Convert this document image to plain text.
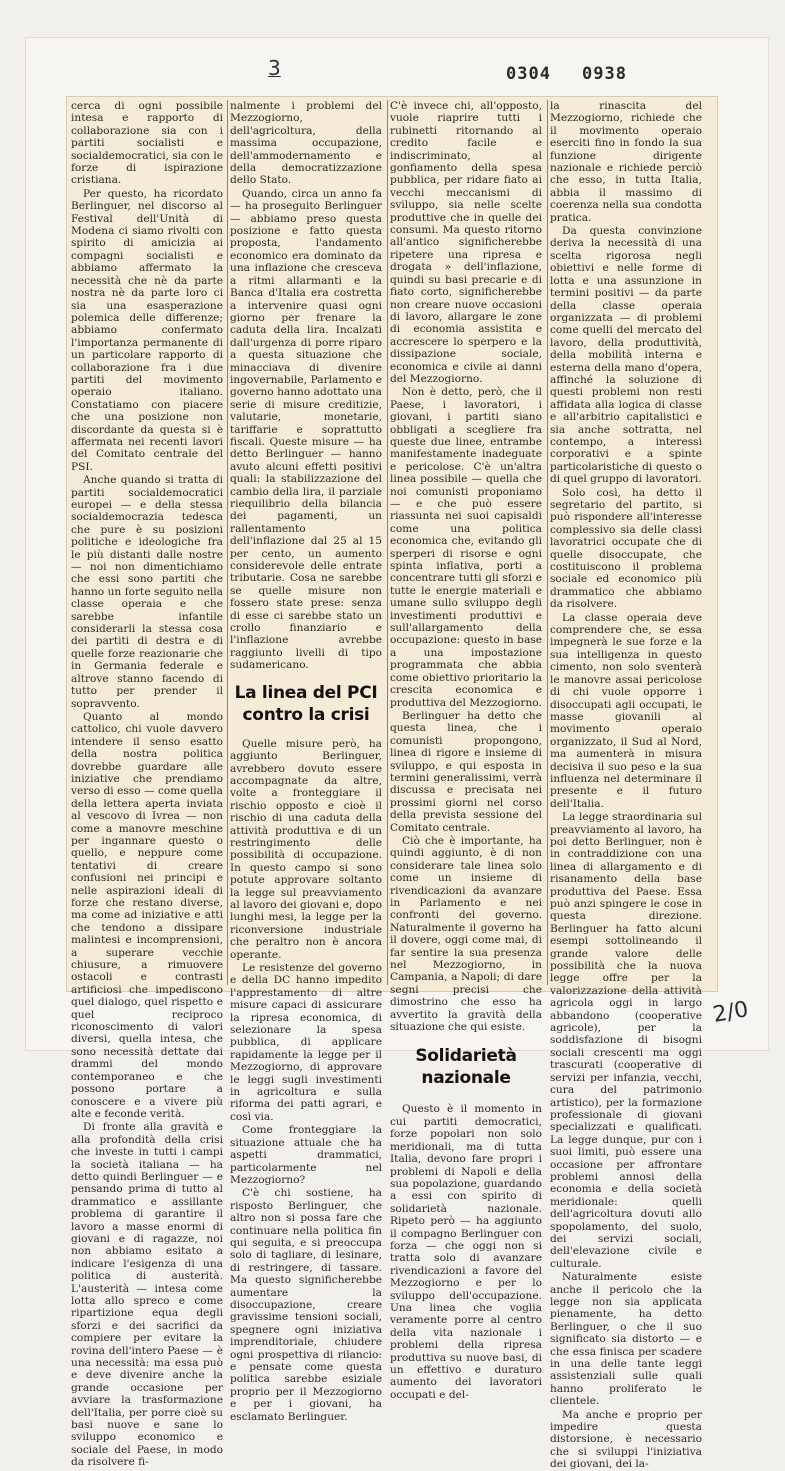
3	0304 0938

cerca di ogni possibile intesa e rapporto di collaborazione sia con i partiti socialisti e socialdemocratici, sia con le forze di ispirazione cristiana.

Per questo, ha ricordato Berlinguer, nel discorso al Festival dell'Unità di Modena ci siamo rivolti con spirito di amicizia ai compagni socialisti e abbiamo affermato la necessità che nè da parte nostra nè da parte loro ci sia una esasperazione polemica delle differenze; abbiamo confermato l'importanza permanente di un particolare rapporto di collaborazione fra i due partiti del movimento operaio italiano. Constatiamo con piacere che una posizione non discordante da questa si è affermata nei recenti lavori del Comitato centrale del PSI.

Anche quando si tratta di partiti socialdemocratici europei — e della stessa socialdemocrazia tedesca che pure è su posizioni politiche e ideologiche fra le più distanti dalle nostre — noi non dimentichiamo che essi sono partiti che hanno un forte seguito nella classe operaia e che sarebbe infantile considerarli la stessa cosa dei partiti di destra e di quelle forze reazionarie che in Germania federale e altrove stanno facendo di tutto per prender il sopravvento.

Quanto al mondo cattolico, chi vuole davvero intendere il senso esatto della nostra politica dovrebbe guardare alle iniziative che prendiamo verso di esso — come quella della lettera aperta inviata al vescovo di Ivrea — non come a manovre meschine per ingannare questo o quello, e neppure come tentativi di creare confusioni nei principi e nelle aspirazioni ideali di forze che restano diverse, ma come ad iniziative e atti che tendono a dissipare malintesi e incomprensioni, a superare vecchie chiusure, a rimuovere ostacoli e contrasti artificiosi che impediscono quel dialogo, quel rispetto e quel reciproco riconoscimento di valori diversi, quella intesa, che sono necessità dettate dai drammi del mondo contemporaneo e che possono portare a conoscere e a vivere più alte e feconde verità.

Di fronte alla gravità e alla profondità della crisi che investe in tutti i campi la società italiana — ha detto quindi Berlinguer — e pensando prima di tutto al drammatico e assillante problema di garantire il lavoro a masse enormi di giovani e di ragazze, noi non abbiamo esitato a indicare l'esigenza di una politica di austerità. L'austerità — intesa come lotta allo spreco e come ripartizione equa degli sforzi e dei sacrifici da compiere per evitare la rovina dell'intero Paese — è una necessità: ma essa può e deve divenire anche la grande occasione per avviare la trasformazione dell'Italia, per porre cioè su basi nuove e sane lo sviluppo economico e sociale del Paese, in modo da risolvere fi-

nalmente i problemi del Mezzogiorno, dell'agricoltura, della massima occupazione, dell'ammodernamento e della democratizzazione dello Stato.

Quando, circa un anno fa — ha proseguito Berlinguer — abbiamo preso questa posizione e fatto questa proposta, l'andamento economico era dominato da una inflazione che cresceva a ritmi allarmanti e la Banca d'Italia era costretta a intervenire quasi ogni giorno per frenare la caduta della lira. Incalzati dall'urgenza di porre riparo a questa situazione che minacciava di divenire ingovernabile, Parlamento e governo hanno adottato una serie di misure creditizie, valutarie, monetarie, tariffarie e soprattutto fiscali. Queste misure — ha detto Berlinguer — hanno avuto alcuni effetti positivi quali: la stabilizzazione del cambio della lira, il parziale riequilibrio della bilancia dei pagamenti, un rallentamento dell'inflazione dal 25 al 15 per cento, un aumento considerevole delle entrate tributarie. Cosa ne sarebbe se quelle misure non fossero state prese: senza di esse ci sarebbe stato un crollo finanziario e l'inflazione avrebbe raggiunto livelli di tipo sudamericano.

La linea del PCI contro la crisi

Quelle misure però, ha aggiunto Berlinguer, avrebbero dovuto essere accompagnate da altre, volte a fronteggiare il rischio opposto e cioè il rischio di una caduta della attività produttiva e di un restringimento delle possibilità di occupazione. In questo campo si sono potute approvare soltanto la legge sul preavviamento al lavoro dei giovani e, dopo lunghi mesi, la legge per la riconversione industriale che peraltro non è ancora operante.

Le resistenze del governo e della DC hanno impedito l'apprestamento di altre misure capaci di assicurare la ripresa economica, di selezionare la spesa pubblica, di applicare rapidamente la legge per il Mezzogiorno, di approvare le leggi sugli investimenti in agricoltura e sulla riforma dei patti agrari, e così via.

Come fronteggiare la situazione attuale che ha aspetti drammatici, particolarmente nel Mezzogiorno?

C'è chi sostiene, ha risposto Berlinguer, che altro non si possa fare che continuare nella politica fin qui seguita, e si preoccupa solo di tagliare, di lesinare, di restringere, di tassare. Ma questo significherebbe aumentare la disoccupazione, creare gravissime tensioni sociali, spegnere ogni iniziativa imprenditoriale, chiudere ogni prospettiva di rilancio: e pensate come questa politica sarebbe esiziale proprio per il Mezzogiorno e per i giovani, ha esclamato Berlinguer.

C'è invece chi, all'opposto, vuole riaprire tutti i rubinetti ritornando al credito facile e indiscriminato, al gonfiamento della spesa pubblica, per ridare fiato ai vecchi meccanismi di sviluppo, sia nelle scelte produttive che in quelle dei consumi. Ma questo ritorno all'antico significherebbe ripetere una ripresa e drogata » dell'inflazione, quindi su basi precarie e di fiato corto, significherebbe non creare nuove occasioni di lavoro, allargare le zone di economia assistita e accrescere lo sperpero e la dissipazione sociale, economica e civile ai danni del Mezzogiorno.

Non è detto, però, che il Paese, i lavoratori, i giovani, i partiti siano obbligati a scegliere fra queste due linee, entrambe manifestamente inadeguate e pericolose. C'è un'altra linea possibile — quella che noi comunisti proponiamo — e che può essere riassunta nei suoi capisaldi come una politica economica che, evitando gli sperperi di risorse e ogni spinta inflativa, porti a concentrare tutti gli sforzi e tutte le energie materiali e umane sullo sviluppo degli investimenti produttivi e sull'allargamento della occupazione: questo in base a una impostazione programmata che abbia come obiettivo prioritario la crescita economica e produttiva del Mezzogiorno.

Berlinguer ha detto che questa linea, che i comunisti propongono, linea di rigore e insieme di sviluppo, e qui esposta in termini generalissimi, verrà discussa e precisata nei prossimi giorni nel corso della prevista sessione del Comitato centrale.

Ciò che è importante, ha quindi aggiunto, è di non considerare tale linea solo come un insieme di rivendicazioni da avanzare in Parlamento e nei confronti del governo. Naturalmente il governo ha il dovere, oggi come mai, di far sentire la sua presenza nel Mezzogiorno, in Campania, a Napoli; di dare segni precisi che dimostrino che esso ha avvertito la gravità della situazione che qui esiste.

Solidarietà nazionale

Questo è il momento in cui partiti democratici, forze popolari non solo meridionali, ma di tutta Italia, devono fare propri i problemi di Napoli e della sua popolazione, guardando a essi con spirito di solidarietà nazionale. Ripeto però — ha aggiunto il compagno Berlinguer con forza — che oggi non si tratta solo di avanzare rivendicazioni a favore del Mezzogiorno e per lo sviluppo dell'occupazione. Una linea che voglia veramente porre al centro della vita nazionale i problemi della ripresa produttiva su nuove basi, di un effettivo e duraturo aumento dei lavoratori occupati e del-

la rinascita del Mezzogiorno, richiede che il movimento operaio eserciti fino in fondo la sua funzione dirigente nazionale e richiede perciò che esso, in tutta Italia, abbia il massimo di coerenza nella sua condotta pratica.

Da questa convinzione deriva la necessità di una scelta rigorosa negli obiettivi e nelle forme di lotta e una assunzione in termini positivi — da parte della classe operaia organizzata — di problemi come quelli del mercato del lavoro, della produttività, della mobilità interna e esterna della mano d'opera, affinché la soluzione di questi problemi non resti affidata alla logica di classe e all'arbitrio capitalistici e sia anche sottratta, nel contempo, a interessi corporativi e a spinte particolaristiche di questo o di quel gruppo di lavoratori.

Solo così, ha detto il segretario del partito, si può rispondere all'interesse complessivo sia delle classi lavoratrici occupate che di quelle disoccupate, che costituiscono il problema sociale ed economico più drammatico che abbiamo da risolvere.

La classe operaia deve comprendere che, se essa impegnerà le sue forze e la sua intelligenza in questo cimento, non solo sventerà le manovre assai pericolose di chi vuole opporre i disoccupati agli occupati, le masse giovanili al movimento operaio organizzato, il Sud al Nord, ma aumenterà in misura decisiva il suo peso e la sua influenza nel determinare il presente e il futuro dell'Italia.

La legge straordinaria sul preavviamento al lavoro, ha poi detto Berlinguer, non è in contraddizione con una linea di allargamento e di risanamento della base produttiva del Paese. Essa può anzi spingere le cose in questa direzione. Berlinguer ha fatto alcuni esempi sottolineando il grande valore delle possibilità che la nuova legge offre per la valorizzazione della attività agricola oggi in largo abbandono (cooperative agricole), per la soddisfazione di bisogni sociali crescenti ma oggi trascurati (cooperative di servizi per infanzia, vecchi, cura del patrimonio artistico), per la formazione professionale di giovani specializzati e qualificati. La legge dunque, pur con i suoi limiti, può essere una occasione per affrontare problemi annosi della economia e della società meridionale: quelli dell'agricoltura dovuti allo spopolamento, del suolo, dei servizi sociali, dell'elevazione civile e culturale.

Naturalmente esiste anche il pericolo che la legge non sia applicata pienamente, ha detto Berlinguer, o che il suo significato sia distorto — e che essa finisca per scadere in una delle tante leggi assistenziali sulle quali hanno proliferato le clientele.

Ma anche e proprio per impedire questa distorsione, è necessario che si sviluppi l'iniziativa dei giovani, dei la-

2/0
